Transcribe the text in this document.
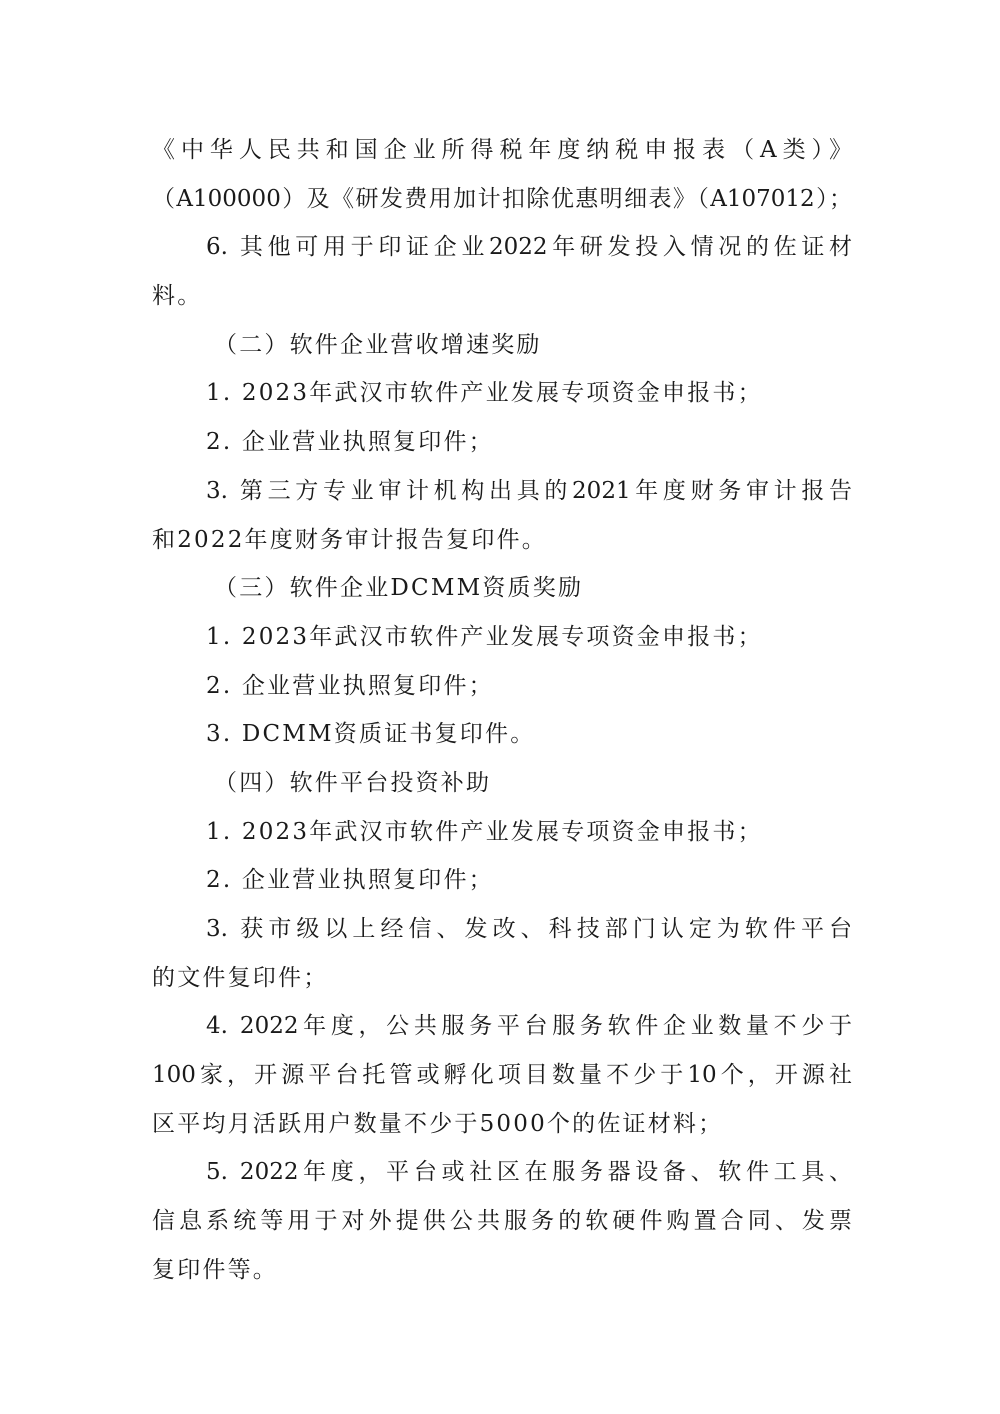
《中华人民共和国企业所得税年度纳税申报表（A类）》
（A100000）及《研发费用加计扣除优惠明细表》（A107012）；
6. 其他可用于印证企业2022年研发投入情况的佐证材
料。
（二）软件企业营收增速奖励
1. 2023年武汉市软件产业发展专项资金申报书；
2. 企业营业执照复印件；
3. 第三方专业审计机构出具的2021年度财务审计报告
和2022年度财务审计报告复印件。
（三）软件企业DCMM资质奖励
1. 2023年武汉市软件产业发展专项资金申报书；
2. 企业营业执照复印件；
3. DCMM资质证书复印件。
（四）软件平台投资补助
1. 2023年武汉市软件产业发展专项资金申报书；
2. 企业营业执照复印件；
3. 获市级以上经信、发改、科技部门认定为软件平台
的文件复印件；
4. 2022年度，公共服务平台服务软件企业数量不少于
100家，开源平台托管或孵化项目数量不少于10个，开源社
区平均月活跃用户数量不少于5000个的佐证材料；
5. 2022年度，平台或社区在服务器设备、软件工具、
信息系统等用于对外提供公共服务的软硬件购置合同、发票
复印件等。
